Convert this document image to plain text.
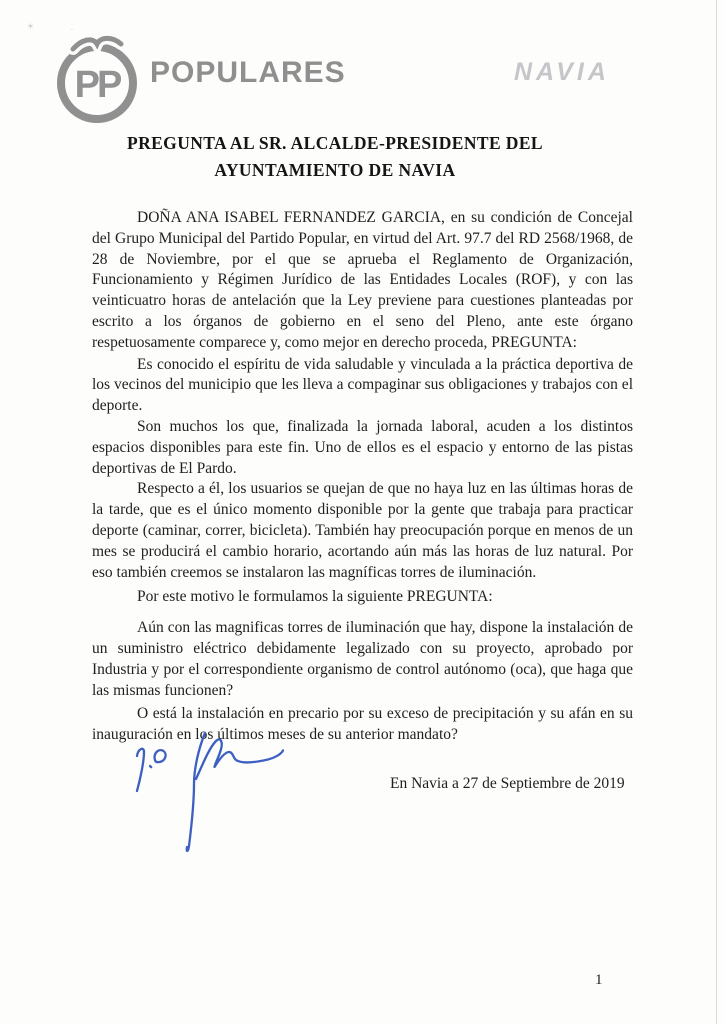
⁎
ˊ
PP POPULARES	NAVIA
PREGUNTA AL SR. ALCALDE-PRESIDENTE DEL
AYUNTAMIENTO DE NAVIA

DOÑA ANA ISABEL FERNANDEZ GARCIA, en su condición de Concejal del Grupo Municipal del Partido Popular, en virtud del Art. 97.7 del RD 2568/1968, de 28 de Noviembre, por el que se aprueba el Reglamento de Organización, Funcionamiento y Régimen Jurídico de las Entidades Locales (ROF), y con las veinticuatro horas de antelación que la Ley previene para cuestiones planteadas por escrito a los órganos de gobierno en el seno del Pleno, ante este órgano respetuosamente comparece y, como mejor en derecho proceda, PREGUNTA:

Es conocido el espíritu de vida saludable y vinculada a la práctica deportiva de los vecinos del municipio que les lleva a compaginar sus obligaciones y trabajos con el deporte.

Son muchos los que, finalizada la jornada laboral, acuden a los distintos espacios disponibles para este fin. Uno de ellos es el espacio y entorno de las pistas deportivas de El Pardo.

Respecto a él, los usuarios se quejan de que no haya luz en las últimas horas de la tarde, que es el único momento disponible por la gente que trabaja para practicar deporte (caminar, correr, bicicleta). También hay preocupación porque en menos de un mes se producirá el cambio horario, acortando aún más las horas de luz natural. Por eso también creemos se instalaron las magníficas torres de iluminación.

Por este motivo le formulamos la siguiente PREGUNTA:

Aún con las magnificas torres de iluminación que hay, dispone la instalación de un suministro eléctrico debidamente legalizado con su proyecto, aprobado por Industria y por el correspondiente organismo de control autónomo (oca), que haga que las mismas funcionen?

O está la instalación en precario por su exceso de precipitación y su afán en su inauguración en los últimos meses de su anterior mandato?

En Navia a 27 de Septiembre de 2019
1
